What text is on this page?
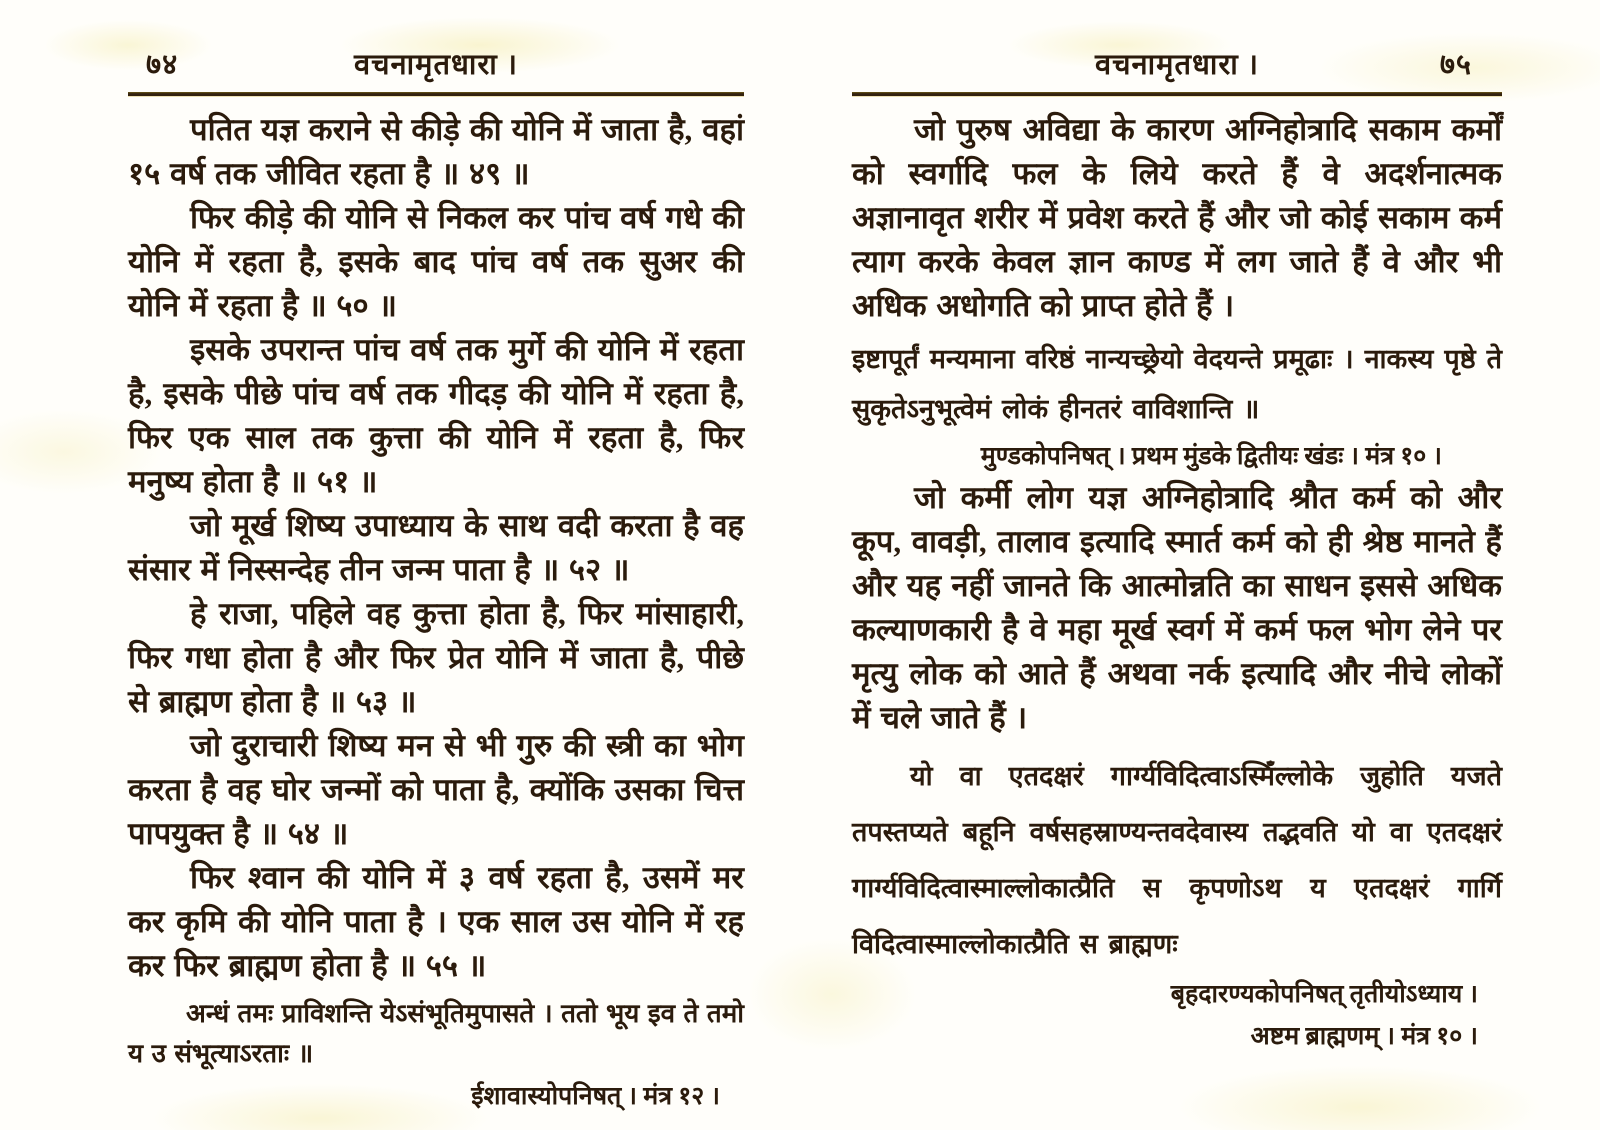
७४	वचनामृतधारा ।

पतित यज्ञ कराने से कीड़े की योनि में जाता है, वहां १५ वर्ष तक जीवित रहता है ॥ ४९ ॥

फिर कीड़े की योनि से निकल कर पांच वर्ष गधे की योनि में रहता है, इसके बाद पांच वर्ष तक सुअर की योनि में रहता है ॥ ५० ॥

इसके उपरान्त पांच वर्ष तक मुर्गे की योनि में रहता है, इसके पीछे पांच वर्ष तक गीदड़ की योनि में रहता है, फिर एक साल तक कुत्ता की योनि में रहता है, फिर मनुष्य होता है ॥ ५१ ॥

जो मूर्ख शिष्य उपाध्याय के साथ वदी करता है वह संसार में निस्सन्देह तीन जन्म पाता है ॥ ५२ ॥

हे राजा, पहिले वह कुत्ता होता है, फिर मांसाहारी, फिर गधा होता है और फिर प्रेत योनि में जाता है, पीछे से ब्राह्मण होता है ॥ ५३ ॥

जो दुराचारी शिष्य मन से भी गुरु की स्त्री का भोग करता है वह घोर जन्मों को पाता है, क्योंकि उसका चित्त पापयुक्त है ॥ ५४ ॥

फिर श्वान की योनि में ३ वर्ष रहता है, उसमें मर कर कृमि की योनि पाता है । एक साल उस योनि में रह कर फिर ब्राह्मण होता है ॥ ५५ ॥

अन्धं तमः प्राविशन्ति येऽसंभूतिमुपासते । ततो भूय इव ते तमो य उ संभूत्याऽरताः ॥

ईशावास्योपनिषत् । मंत्र १२ ।

वचनामृतधारा ।	७५

जो पुरुष अविद्या के कारण अग्निहोत्रादि सकाम कर्मों को स्वर्गादि फल के लिये करते हैं वे अदर्शनात्मक अज्ञानावृत शरीर में प्रवेश करते हैं और जो कोई सकाम कर्म त्याग करके केवल ज्ञान काण्ड में लग जाते हैं वे और भी अधिक अधोगति को प्राप्त होते हैं ।

इष्टापूर्तं मन्यमाना वरिष्ठं नान्यच्छ्रेयो वेदयन्ते प्रमूढाः । नाकस्य पृष्ठे ते सुकृतेऽनुभूत्वेमं लोकं हीनतरं वाविशान्ति ॥

मुण्डकोपनिषत् । प्रथम मुंडके द्वितीयः खंडः । मंत्र १० ।

जो कर्मी लोग यज्ञ अग्निहोत्रादि श्रौत कर्म को और कूप, वावड़ी, तालाव इत्यादि स्मार्त कर्म को ही श्रेष्ठ मानते हैं और यह नहीं जानते कि आत्मोन्नति का साधन इससे अधिक कल्याणकारी है वे महा मूर्ख स्वर्ग में कर्म फल भोग लेने पर मृत्यु लोक को आते हैं अथवा नर्क इत्यादि और नीचे लोकों में चले जाते हैं ।

यो वा एतदक्षरं गार्ग्यविदित्वाऽस्मिँल्लोके जुहोति यजते तपस्तप्यते बहूनि वर्षसहस्राण्यन्तवदेवास्य तद्भवति यो वा एतदक्षरं गार्ग्यविदित्वास्माल्लोकात्प्रैति स कृपणोऽथ य एतदक्षरं गार्गि विदित्वास्माल्लोकात्प्रैति स ब्राह्मणः

बृहदारण्यकोपनिषत् तृतीयोऽध्याय ।

अष्टम ब्राह्मणम् । मंत्र १० ।
